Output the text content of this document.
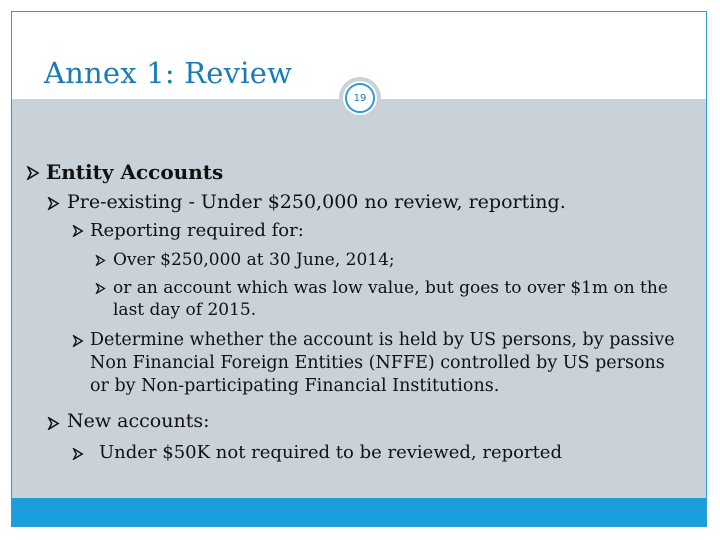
Annex 1: Review
Entity Accounts
Pre-existing - Under $250,000 no review, reporting.
Reporting required for:
Over $250,000 at 30 June, 2014;
or an account which was low value, but goes to over $1m on the
last day of 2015.
Determine whether the account is held by US persons, by passive
Non Financial Foreign Entities (NFFE) controlled by US persons
or by Non-participating Financial Institutions.
New accounts:
Under $50K not required to be reviewed, reported
19
